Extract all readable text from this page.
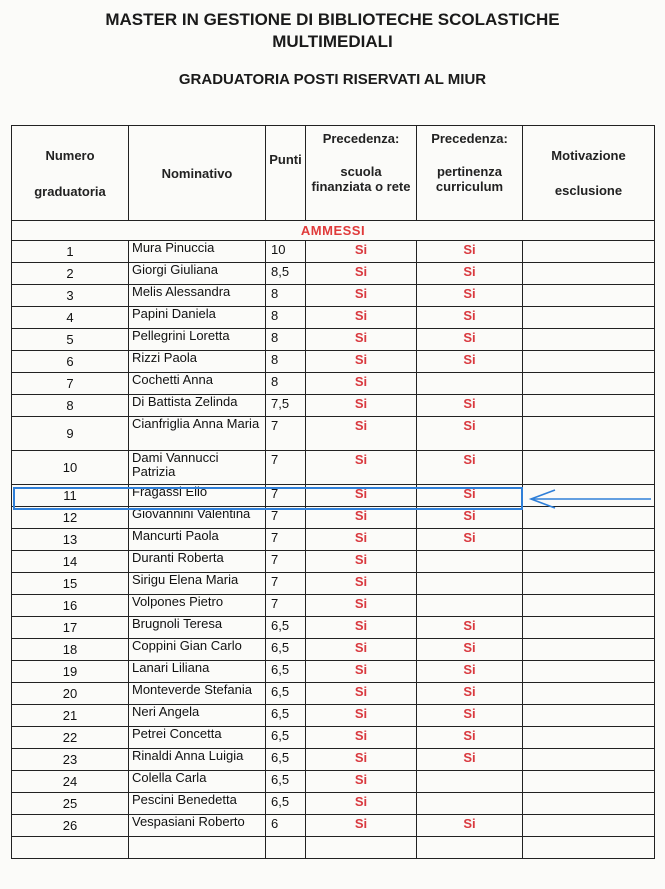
MASTER IN GESTIONE DI BIBLIOTECHE SCOLASTICHE
MULTIMEDIALI
GRADUATORIA POSTI RISERVATI AL MIUR
Numero
graduatoria	Nominativo	Punti	Precedenza:
scuola
finanziata o rete	Precedenza:
pertinenza
curriculum	Motivazione
esclusione

AMMESSI					
1	Mura Pinuccia	10	Si	Si	
2	Giorgi Giuliana	8,5	Si	Si	
3	Melis Alessandra	8	Si	Si	
4	Papini Daniela	8	Si	Si	
5	Pellegrini Loretta	8	Si	Si	
6	Rizzi Paola	8	Si	Si	
7	Cochetti Anna	8	Si		
8	Di Battista Zelinda	7,5	Si	Si	
9	Cianfriglia Anna Maria	7	Si	Si	
10	Dami Vannucci Patrizia	7	Si	Si	
11	Fragassi Elio	7	Si	Si	
12	Giovannini Valentina	7	Si	Si	
13	Mancurti Paola	7	Si	Si	
14	Duranti Roberta	7	Si		
15	Sirigu Elena Maria	7	Si		
16	Volpones Pietro	7	Si		
17	Brugnoli Teresa	6,5	Si	Si	
18	Coppini Gian Carlo	6,5	Si	Si	
19	Lanari Liliana	6,5	Si	Si	
20	Monteverde Stefania	6,5	Si	Si	
21	Neri Angela	6,5	Si	Si	
22	Petrei Concetta	6,5	Si	Si	
23	Rinaldi Anna Luigia	6,5	Si	Si	
24	Colella Carla	6,5	Si		
25	Pescini Benedetta	6,5	Si		
26	Vespasiani Roberto	6	Si	Si	
